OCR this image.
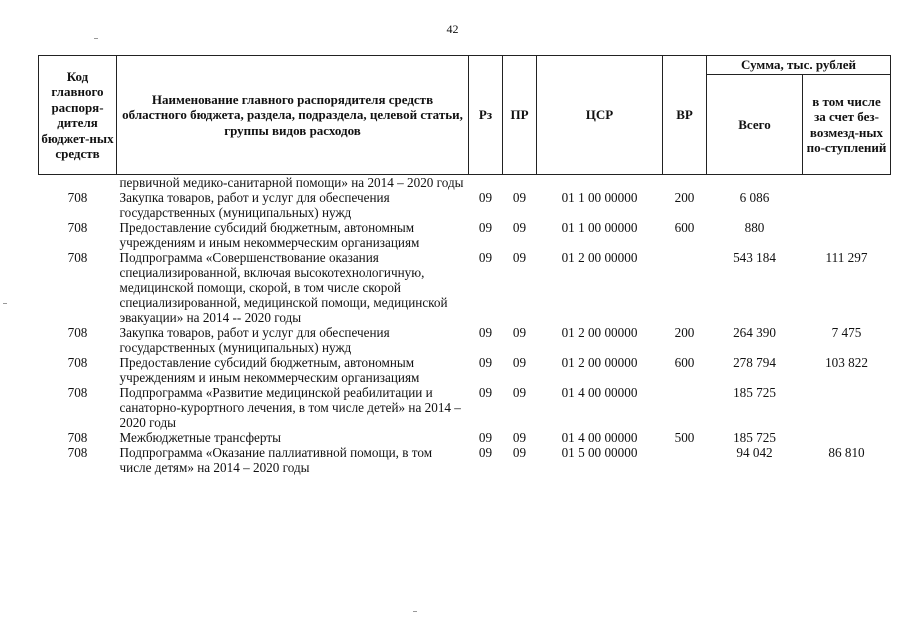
42
Код главного распоря-дителя бюджет-ных средств	Наименование главного распорядителя средств областного бюджета, раздела, подраздела, целевой статьи, группы видов расходов	Рз	ПР	ЦСР	ВР	Сумма, тыс. рублей	
						Всего	в том числе за счет без-возмезд-ных по-ступлений
	первичной медико-санитарной помощи» на 2014 – 2020 годы						
708	Закупка товаров, работ и услуг для обеспечения государственных (муниципальных) нужд	09	09	01 1 00 00000	200	6 086	
708	Предоставление субсидий бюджетным, автономным учреждениям и иным некоммерческим организациям	09	09	01 1 00 00000	600	880	
708	Подпрограмма «Совершенствование оказания специализированной, включая высокотехнологичную, медицинской помощи, скорой, в том числе скорой специализированной, медицинской помощи, медицинской эвакуации» на 2014 -- 2020 годы	09	09	01 2 00 00000		543 184	111 297
708	Закупка товаров, работ и услуг для обеспечения государственных (муниципальных) нужд	09	09	01 2 00 00000	200	264 390	7 475
708	Предоставление субсидий бюджетным, автономным учреждениям и иным некоммерческим организациям	09	09	01 2 00 00000	600	278 794	103 822
708	Подпрограмма «Развитие медицинской реабилитации и санаторно-курортного лечения, в том числе детей» на 2014 – 2020 годы	09	09	01 4 00 00000		185 725	
708	Межбюджетные трансферты	09	09	01 4 00 00000	500	185 725	
708	Подпрограмма «Оказание паллиативной помощи, в том числе детям» на 2014 – 2020 годы	09	09	01 5 00 00000		94 042	86 810
